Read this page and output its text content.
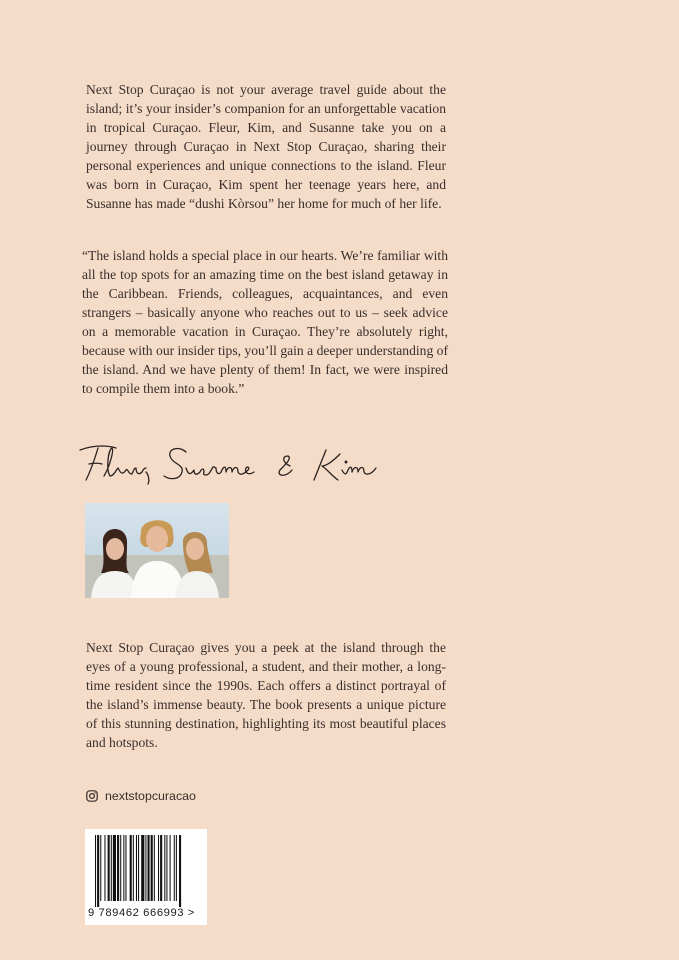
Next Stop Curaçao is not your average travel guide about the island; it’s your insider’s companion for an unforgettable vacation in tropical Curaçao. Fleur, Kim, and Susanne take you on a journey through Curaçao in Next Stop Curaçao, sharing their personal experiences and unique connections to the island. Fleur was born in Curaçao, Kim spent her teenage years here, and Susanne has made “dushi Kòrsou” her home for much of her life.

“The island holds a special place in our hearts. We’re familiar with all the top spots for an amazing time on the best island getaway in the Caribbean. Friends, colleagues, acquaintances, and even strangers – basically anyone who reaches out to us – seek advice on a memorable vacation in Curaçao. They’re absolutely right, because with our insider tips, you’ll gain a deeper understanding of the island. And we have plenty of them! In fact, we were inspired to compile them into a book.”

Next Stop Curaçao gives you a peek at the island through the eyes of a young professional, a student, and their mother, a long-time resident since the 1990s. Each offers a distinct portrayal of the island’s immense beauty. The book presents a unique picture of this stunning destination, highlighting its most beautiful places and hotspots.

nextstopcuracao
9 789462 666993 >
